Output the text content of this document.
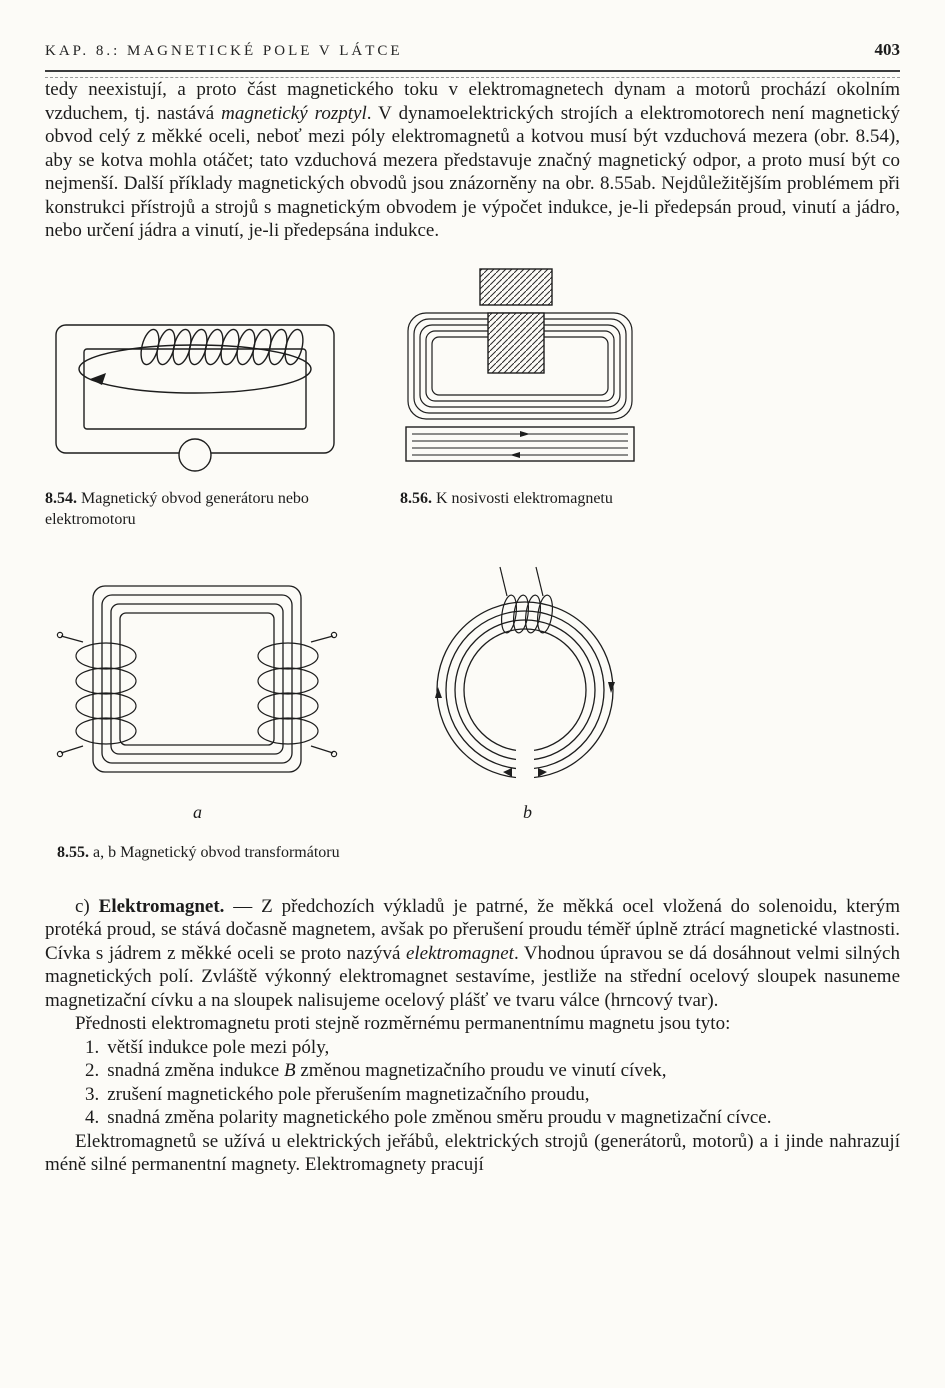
KAP. 8.: MAGNETICKÉ POLE V LÁTCE	403

tedy neexistují, a proto část magnetického toku v elektromagnetech dynam a motorů prochází okolním vzduchem, tj. nastává magnetický rozptyl. V dynamoelektrických strojích a elektromotorech není magnetický obvod celý z měkké oceli, neboť mezi póly elektromagnetů a kotvou musí být vzduchová mezera (obr. 8.54), aby se kotva mohla otáčet; tato vzduchová mezera představuje značný magnetický odpor, a proto musí být co nejmenší. Další příklady magnetických obvodů jsou znázorněny na obr. 8.55ab. Nejdůležitějším problémem při konstrukci přístrojů a strojů s magnetickým obvodem je výpočet indukce, je-li předepsán proud, vinutí a jádro, nebo určení jádra a vinutí, je-li předepsána indukce.

8.54. Magnetický obvod generátoru nebo elektromotoru

8.56. K nosivosti elektromagnetu

a	b

8.55. a, b Magnetický obvod transformátoru

c) Elektromagnet. — Z předchozích výkladů je patrné, že měkká ocel vložená do solenoidu, kterým protéká proud, se stává dočasně magnetem, avšak po přerušení proudu téměř úplně ztrácí magnetické vlastnosti. Cívka s jádrem z měkké oceli se proto nazývá elektromagnet. Vhodnou úpravou se dá dosáhnout velmi silných magnetických polí. Zvláště výkonný elektromagnet sestavíme, jestliže na střední ocelový sloupek nasuneme magnetizační cívku a na sloupek nalisujeme ocelový plášť ve tvaru válce (hrncový tvar).

Přednosti elektromagnetu proti stejně rozměrnému permanentnímu magnetu jsou tyto:

1. větší indukce pole mezi póly,

2. snadná změna indukce B změnou magnetizačního proudu ve vinutí cívek,

3. zrušení magnetického pole přerušením magnetizačního proudu,

4. snadná změna polarity magnetického pole změnou směru proudu v magnetizační cívce.

Elektromagnetů se užívá u elektrických jeřábů, elektrických strojů (generátorů, motorů) a i jinde nahrazují méně silné permanentní magnety. Elektromagnety pracují
